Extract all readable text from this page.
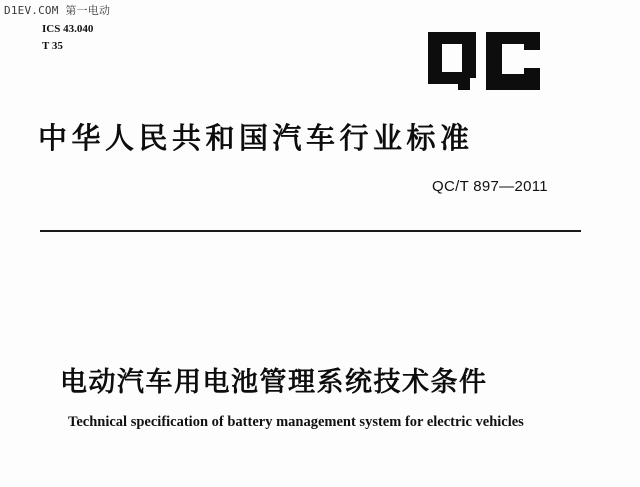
D1EV.COM 第一电动
ICS 43.040
T 35
中华人民共和国汽车行业标准
QC/T 897—2011
电动汽车用电池管理系统技术条件
Technical specification of battery management system for electric vehicles
